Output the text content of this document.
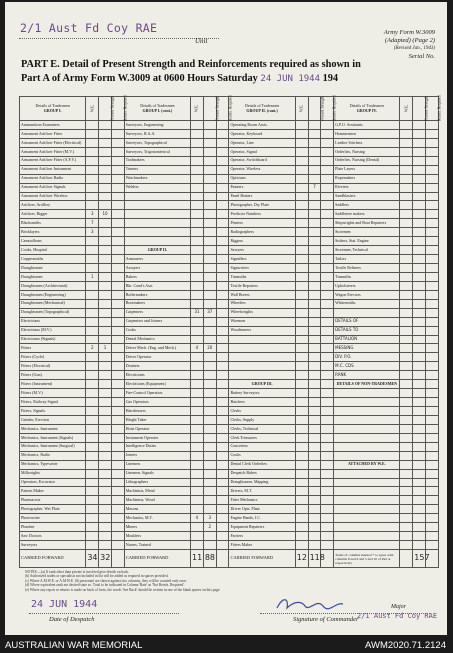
2/1 Aust Fd Coy RAE
Unit
Army Form W.3009
(Adapted) (Page 2)
(Revised Jan., 1943)
Serial No.
PART E. Detail of Present Strength and Reinforcements required as shown in
Part A of Army Form W.3009 at 0600 Hours Saturday 24 JUN 1944 194
Details of Tradesmen
GROUP I.	W.E.	Present Strength	Reinfs. Required	Details of Tradesmen
GROUP I. (cont.)	W.E.	Present Strength	Reinfs. Required	Details of Tradesmen
GROUP II. (cont.)	W.E.	Present Strength	Reinfs. Required	Details of Tradesmen
GROUP IV.	W.E.	Present Strength	Reinfs. Required
Ammunition Examiners				Surveyors, Engineering				Operating Room Assts.				G.P.O. Assistants			
Armament Artificer Fitter				Surveyors, R.A.A.				Operator, Keyboard				Hammermen			
Armament Artificer Fitter (Electrical)				Surveyors, Topographical				Operator, Line				Leather Stitchers			
Armament Artificer Fitter (M.V.)				Surveyors, Trigonometrical				Operator, Signal				Orderlies, Nursing			
Armament Artificer Fitter (A.F.V.)				Toolmakers				Operator, Switchboard				Orderlies, Nursing (Dental)			
Armament Artificer Instrument				Turners				Operator, Wireless				Plate Layers			
Armament Artificer Radio				Watchmakers				Opticians				Ropemakers			
Armament Artificer Signals				Welders				Painters		7		Riveters			
Armament Artificer Wireless								Panel Beaters				Sandblasters			
Artificer, Artillery								Photographer, Dry Plate				Saddlers			
Artificer, Rigger	3	10						Predictor Numbers				Saddletree makers			
Blacksmiths	7							Printers				Shipwrights and Boat Repairers			
Bricklayers	3							Radiographers				Storemen			
Camoufleurs								Riggers				Stokers, Stat. Engine			
Cooks, Hospital				GROUP II.				Sawyers				Storemen, Technical			
Coppersmiths				Armourers				Signallers				Tailors			
Draughtsmen				Assayers				Signwriters				Textile Refiners			
Draughtsmen	1			Bakers				Tinsmiths				Tinsmiths			
Draughtsmen (Architectural)				Bkr. Cond's Asst.				Textile Repairers				Upholsterers			
Draughtsmen (Engineering)				Boilermakers				Wall Borers				Wagon Erectors			
Draughtsmen (Mechanical)				Bootmakers				Wheelers				Whitesmiths			
Draughtsmen (Topographical)				Carpenters	31	37		Wheelwrights							
Electricians				Carpenters and Joiners				Wiremen				DETAILS OF			
Electricians (M.V.)				Cooks				Woodturners				DETAILS TO			
Electricians (Signals)				Dental Mechanics								BATTALION			
Fitters	2	1		Driver Mech. (Eng. and Mech.)	4	20						MESSING			
Fitters (Cycle)				Driver Operator								DIV. P.O.			
Fitters (Electrical)				Drainers								M.C. CDS			
Fitters (Gun)				Electricians								RANK			
Fitters (Instrument)				Electricians (Equipment)				GROUP III.				DETAILS OF NON-TRADESMEN			
Fitters (M.V.)				Fire-Control Operators				Battery Surveyors							
Fitters, Railway Signal				Gas Operators				Butchers							
Fitters, Signals				Hairdressers				Clerks							
Grinder, Erection				Height Taker				Clerks, Supply							
Mechanics, Instrument				Hoist Operator				Clerks, Technical							
Mechanics, Instrument (Signals)				Instrument Operator				Clerk Treasurers							
Mechanics, Instrument (Surgical)				Intelligence Duties				Concreters							
Mechanics, Radio				Joiners				Cooks							
Mechanics, Typewriter				Linemen				Dental Clerk Orderlies				ATTACHED BY W.E.			
Millwrights				Linemen, Signals				Despatch Riders							
Operators, Excavator				Lithographers				Draughtsmen, Mapping							
Pattern Maker				Machinists, Metal				Drivers, M.T.							
Pharmacists				Machinists, Wood				Fitter Mechanics							
Photographer, Wet Plate				Masons				Driver Opts. Plant							
Photowriter				Mechanics, M.T.	4	3		Engine Hands, I.C.							
Plumber				Miners		2		Equipment Repairers							
Saw Doctors				Moulders				Farriers							
Surveyors				Nurses, Trained				Fitters Maker							
CARRIED FORWARD	34	32		CARRIED FORWARD	11	88		CARRIED FORWARD	12	118		Totals of columns marked * to agree with columns 8 and 9 and 5 and 10 of Part A respectively		157	
NOTES.—(a) If rank other than private is involved give details on back.
(b) Authorized trades or specialists not included in list will be added as required in spaces provided.
(c) Where A.M.W.E. or A.M.W.E. (S) personnel are shown against two columns, they will be counted only once.
(d) Where equivalent rank not desired state so. Total to be indicated in Column 'Rate' as 'Not Reinfs. Required'.
(e) Where any report or returns is made on back of form, the words 'See Back' should be written in one of the blank spaces on this page.
24 JUN 1944
Date of Despatch
Major
2/1 Aust Fd Coy RAE
Signature of Commander
AUSTRALIAN WAR MEMORIAL	AWM2020.71.2124
